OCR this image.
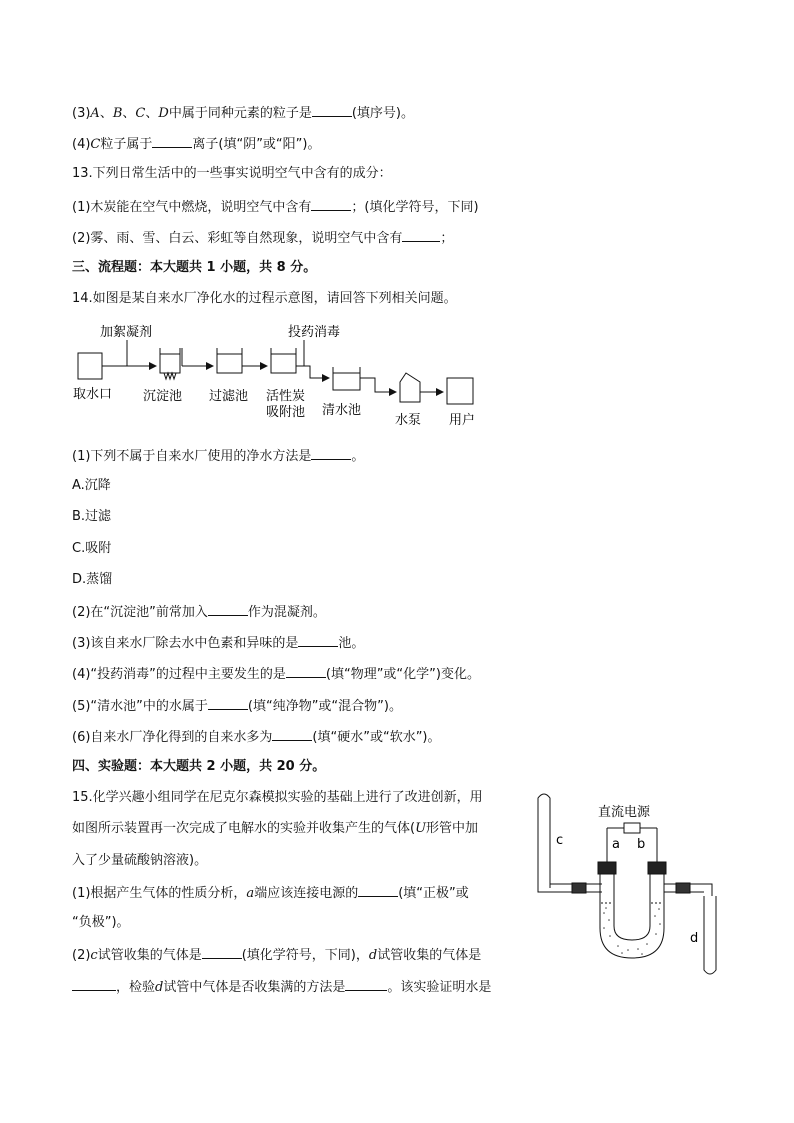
(3)A、B、C、D中属于同种元素的粒子是	(填序号)。
(4)C粒子属于	离子(填“阴”或“阳”)。
13.下列日常生活中的一些事实说明空气中含有的成分：
(1)木炭能在空气中燃烧，说明空气中含有	；(填化学符号，下同)
(2)雾、雨、雪、白云、彩虹等自然现象，说明空气中含有	；
三、流程题：本大题共 1 小题，共 8 分。
14.如图是某自来水厂净化水的过程示意图，请回答下列相关问题。
加絮凝剂	投药消毒
取水口 沉淀池 过滤池 活性炭
吸附池 清水池
水泵 用户
(1)下列不属于自来水厂使用的净水方法是	。
A.沉降
B.过滤
C.吸附
D.蒸馏
(2)在“沉淀池”前常加入	作为混凝剂。
(3)该自来水厂除去水中色素和异味的是	池。
(4)“投药消毒”的过程中主要发生的是	(填“物理”或“化学”)变化。
(5)“清水池”中的水属于	(填“纯净物”或“混合物”)。
(6)自来水厂净化得到的自来水多为	(填“硬水”或“软水”)。
四、实验题：本大题共 2 小题，共 20 分。
15.化学兴趣小组同学在尼克尔森模拟实验的基础上进行了改进创新，用
如图所示装置再一次完成了电解水的实验并收集产生的气体(U形管中加
入了少量硫酸钠溶液)。
(1)根据产生气体的性质分析，a端应该连接电源的	(填“正极”或
“负极”)。
(2)c试管收集的气体是	(填化学符号，下同)，d试管收集的气体是
，检验d试管中气体是否收集满的方法是	。该实验证明水是
直流电源
a b
c
d
